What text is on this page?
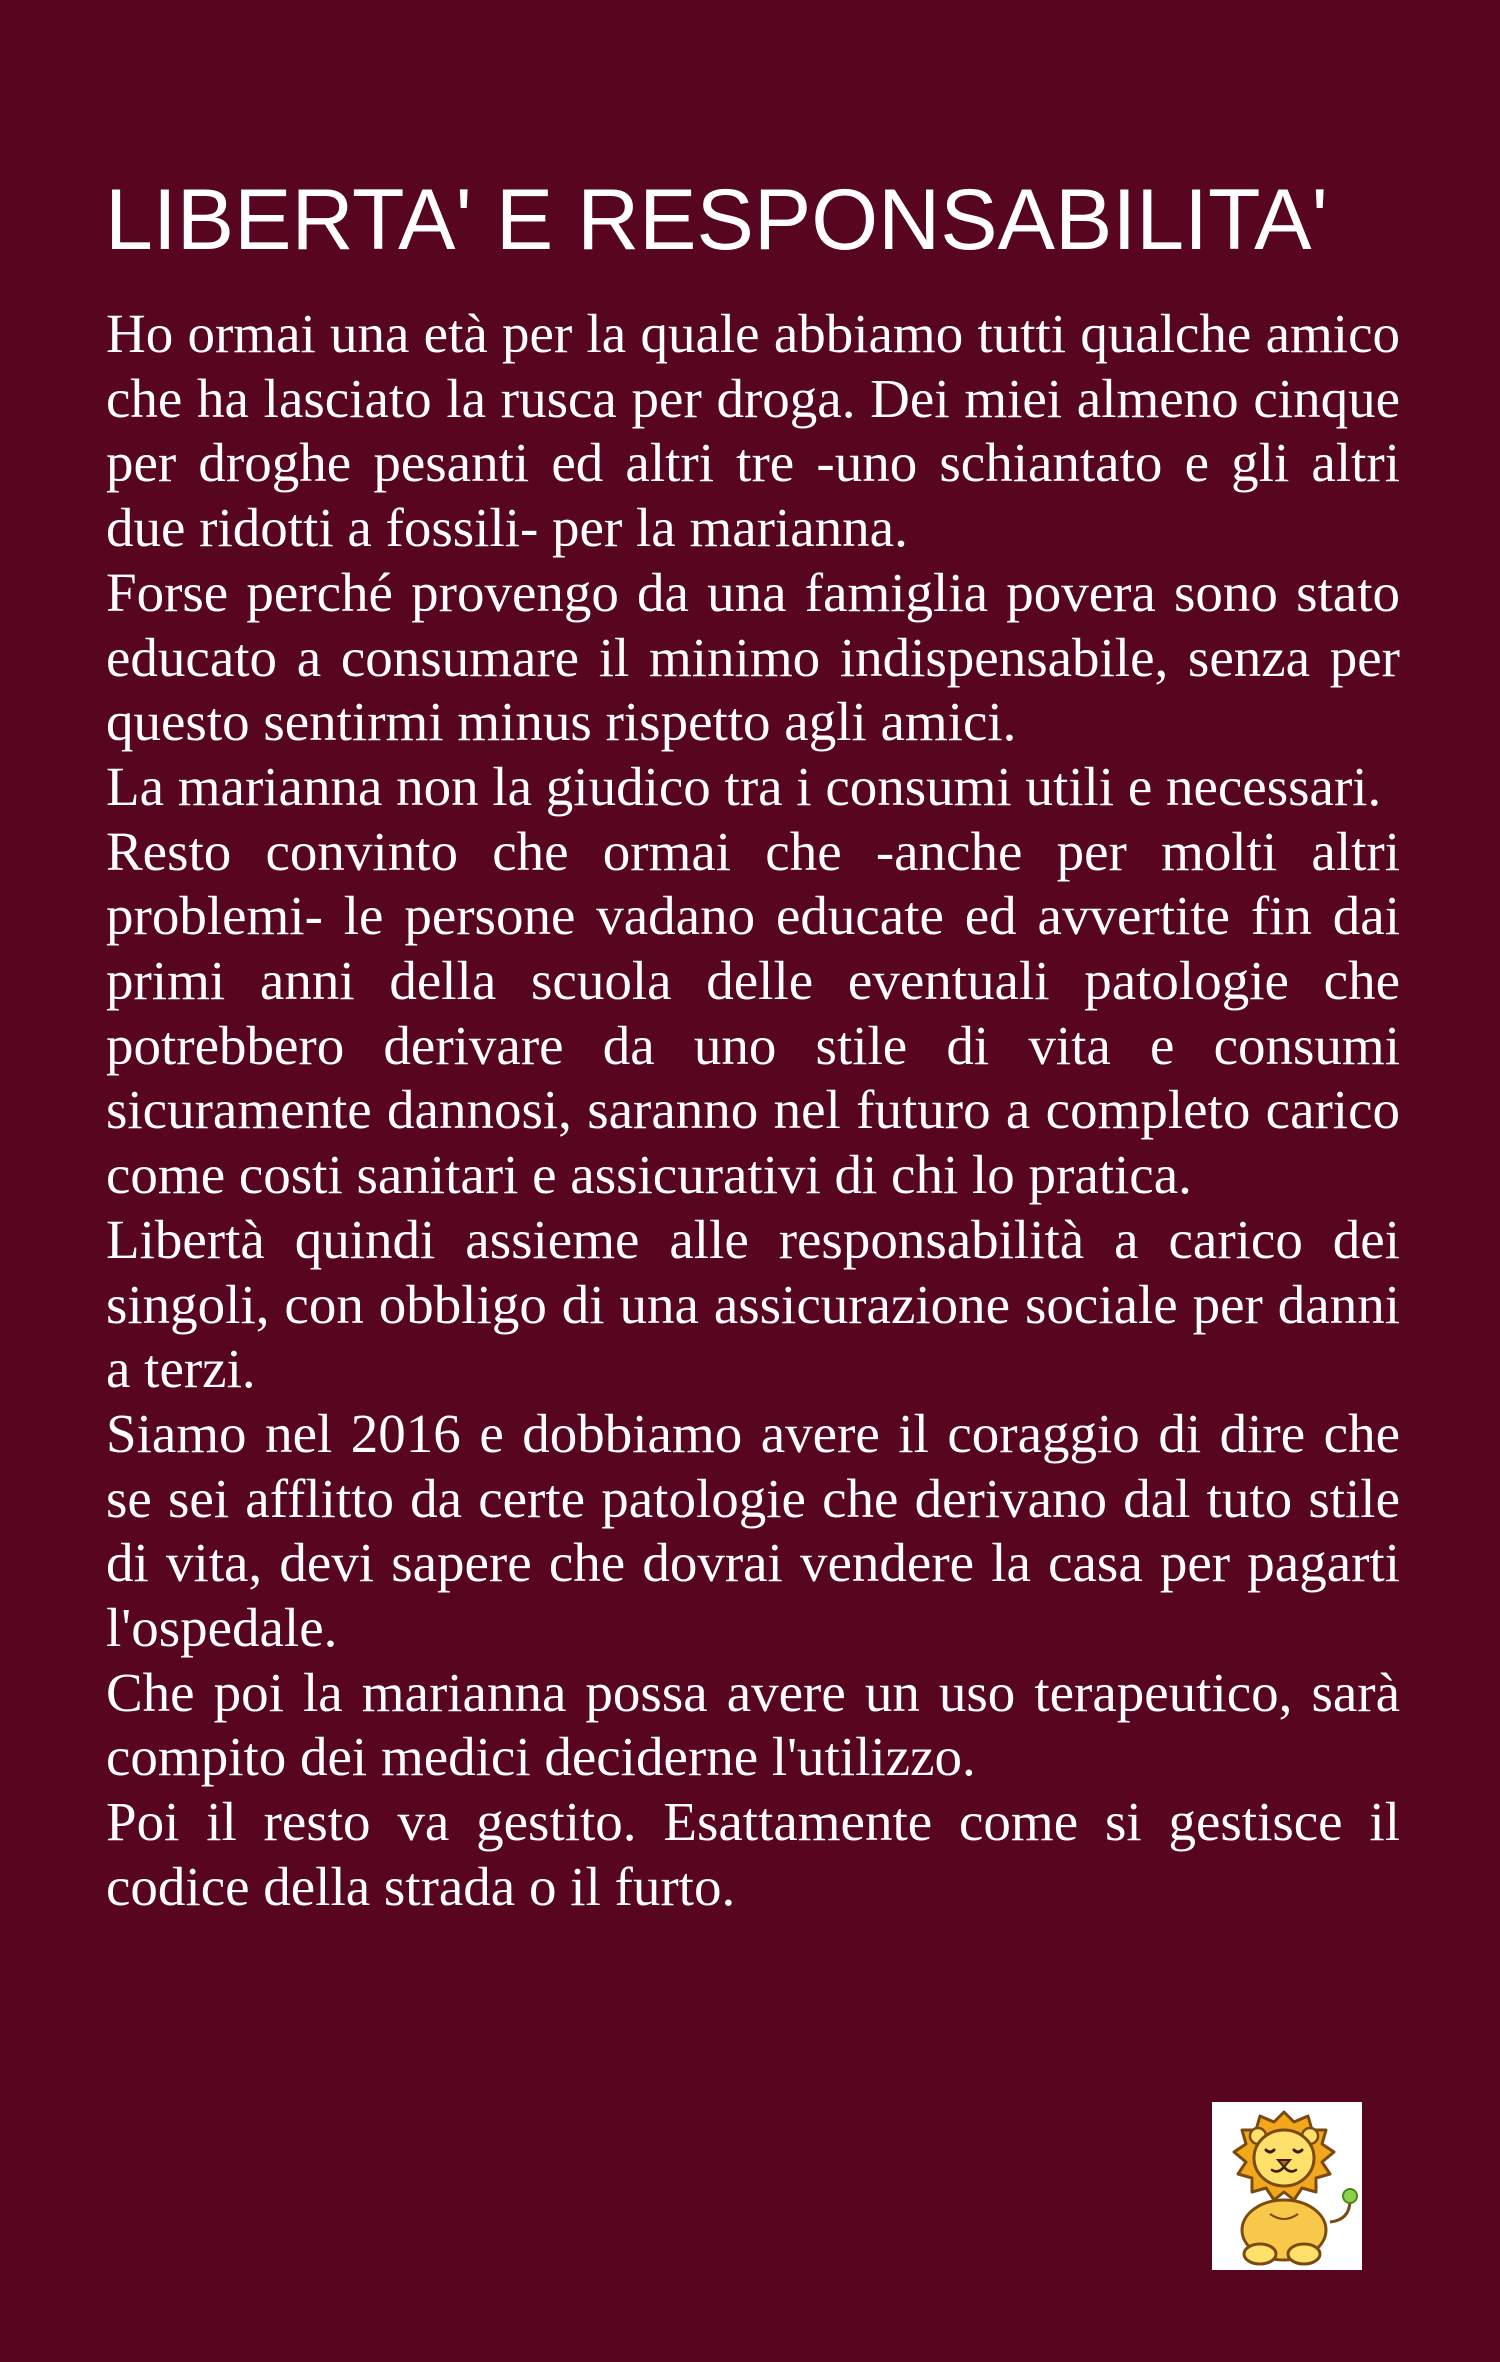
LIBERTA' E RESPONSABILITA'

Ho ormai una età per la quale abbiamo tutti qualche amico che ha lasciato la rusca per droga. Dei miei almeno cinque per droghe pesanti ed altri tre -uno schiantato e gli altri due ridotti a fossili- per la marianna.

Forse perché provengo da una famiglia povera sono stato educato a consumare il minimo indispensabile, senza per questo sentirmi minus rispetto agli amici.

La marianna non la giudico tra i consumi utili e necessari.

Resto convinto che ormai che -anche per molti altri problemi- le persone vadano educate ed avvertite fin dai primi anni della scuola delle eventuali patologie che potrebbero derivare da uno stile di vita e consumi sicuramente dannosi, saranno nel futuro a completo carico come costi sanitari e assicurativi di chi lo pratica.

Libertà quindi assieme alle responsabilità a carico dei singoli, con obbligo di una assicurazione sociale per danni a terzi.

Siamo nel 2016 e dobbiamo avere il coraggio di dire che se sei afflitto da certe patologie che derivano dal tuto stile di vita, devi sapere che dovrai vendere la casa per pagarti l'ospedale.

Che poi la marianna possa avere un uso terapeutico, sarà compito dei medici deciderne l'utilizzo.

Poi il resto va gestito. Esattamente come si gestisce il codice della strada o il furto.
